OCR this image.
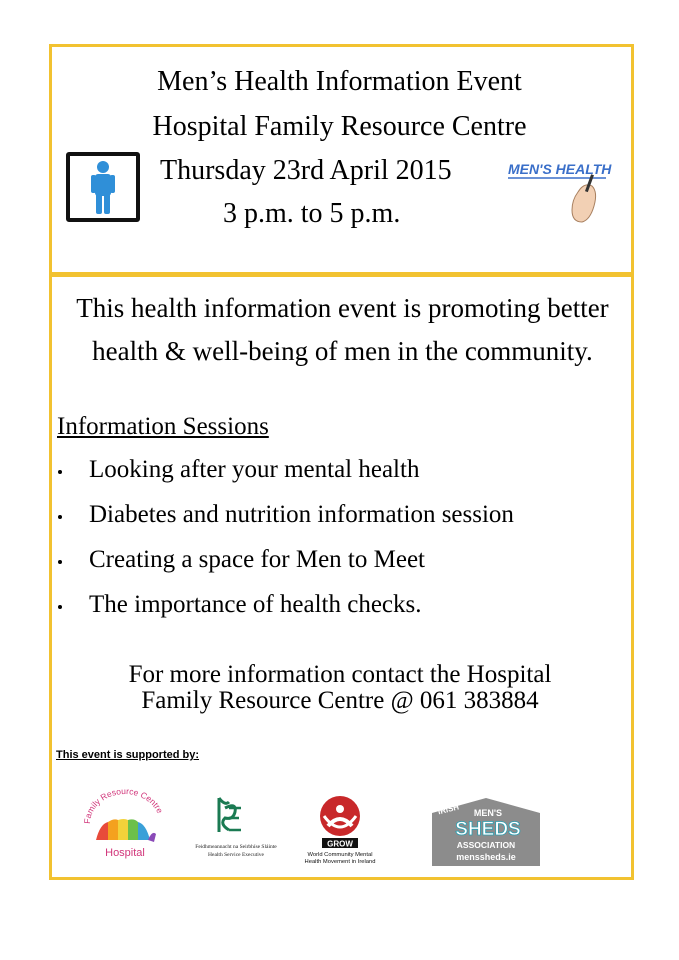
Men’s Health Information Event
Hospital Family Resource Centre
Thursday 23rd April 2015
3 p.m. to 5 p.m.
MEN'S HEALTH
This health information event is promoting better health & well-being of men in the community.
Information Sessions
Looking after your mental health
Diabetes and nutrition information session
Creating a space for Men to Meet
The importance of health checks.
For more information contact the Hospital
Family Resource Centre @ 061 383884
This event is supported by:
Family Resource Centre
Hospital	Feidhmeannacht na Seirbhíse Sláinte
Health Service Executive
GROW
World Community Mental
Health Movement in Ireland
IRISH MEN'S
SHEDS
ASSOCIATION
menssheds.ie
